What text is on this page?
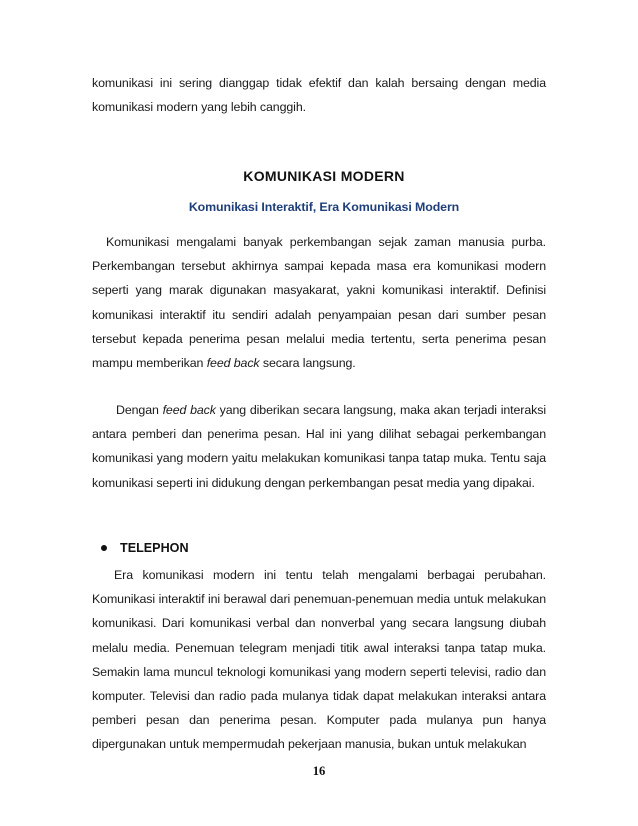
komunikasi ini sering dianggap tidak efektif dan kalah bersaing dengan media komunikasi modern yang lebih canggih.

KOMUNIKASI MODERN
Komunikasi Interaktif, Era Komunikasi Modern

Komunikasi mengalami banyak perkembangan sejak zaman manusia purba. Perkembangan tersebut akhirnya sampai kepada masa era komunikasi modern seperti yang marak digunakan masyakarat, yakni komunikasi interaktif. Definisi komunikasi interaktif itu sendiri adalah penyampaian pesan dari sumber pesan tersebut kepada penerima pesan melalui media tertentu, serta penerima pesan mampu memberikan feed back secara langsung.

Dengan feed back yang diberikan secara langsung, maka akan terjadi interaksi antara pemberi dan penerima pesan. Hal ini yang dilihat sebagai perkembangan komunikasi yang modern yaitu melakukan komunikasi tanpa tatap muka. Tentu saja komunikasi seperti ini didukung dengan perkembangan pesat media yang dipakai.

TELEPHON

Era komunikasi modern ini tentu telah mengalami berbagai perubahan. Komunikasi interaktif ini berawal dari penemuan-penemuan media untuk melakukan komunikasi. Dari komunikasi verbal dan nonverbal yang secara langsung diubah melalu media. Penemuan telegram menjadi titik awal interaksi tanpa tatap muka. Semakin lama muncul teknologi komunikasi yang modern seperti televisi, radio dan komputer. Televisi dan radio pada mulanya tidak dapat melakukan interaksi antara pemberi pesan dan penerima pesan. Komputer pada mulanya pun hanya dipergunakan untuk mempermudah pekerjaan manusia, bukan untuk melakukan

16
